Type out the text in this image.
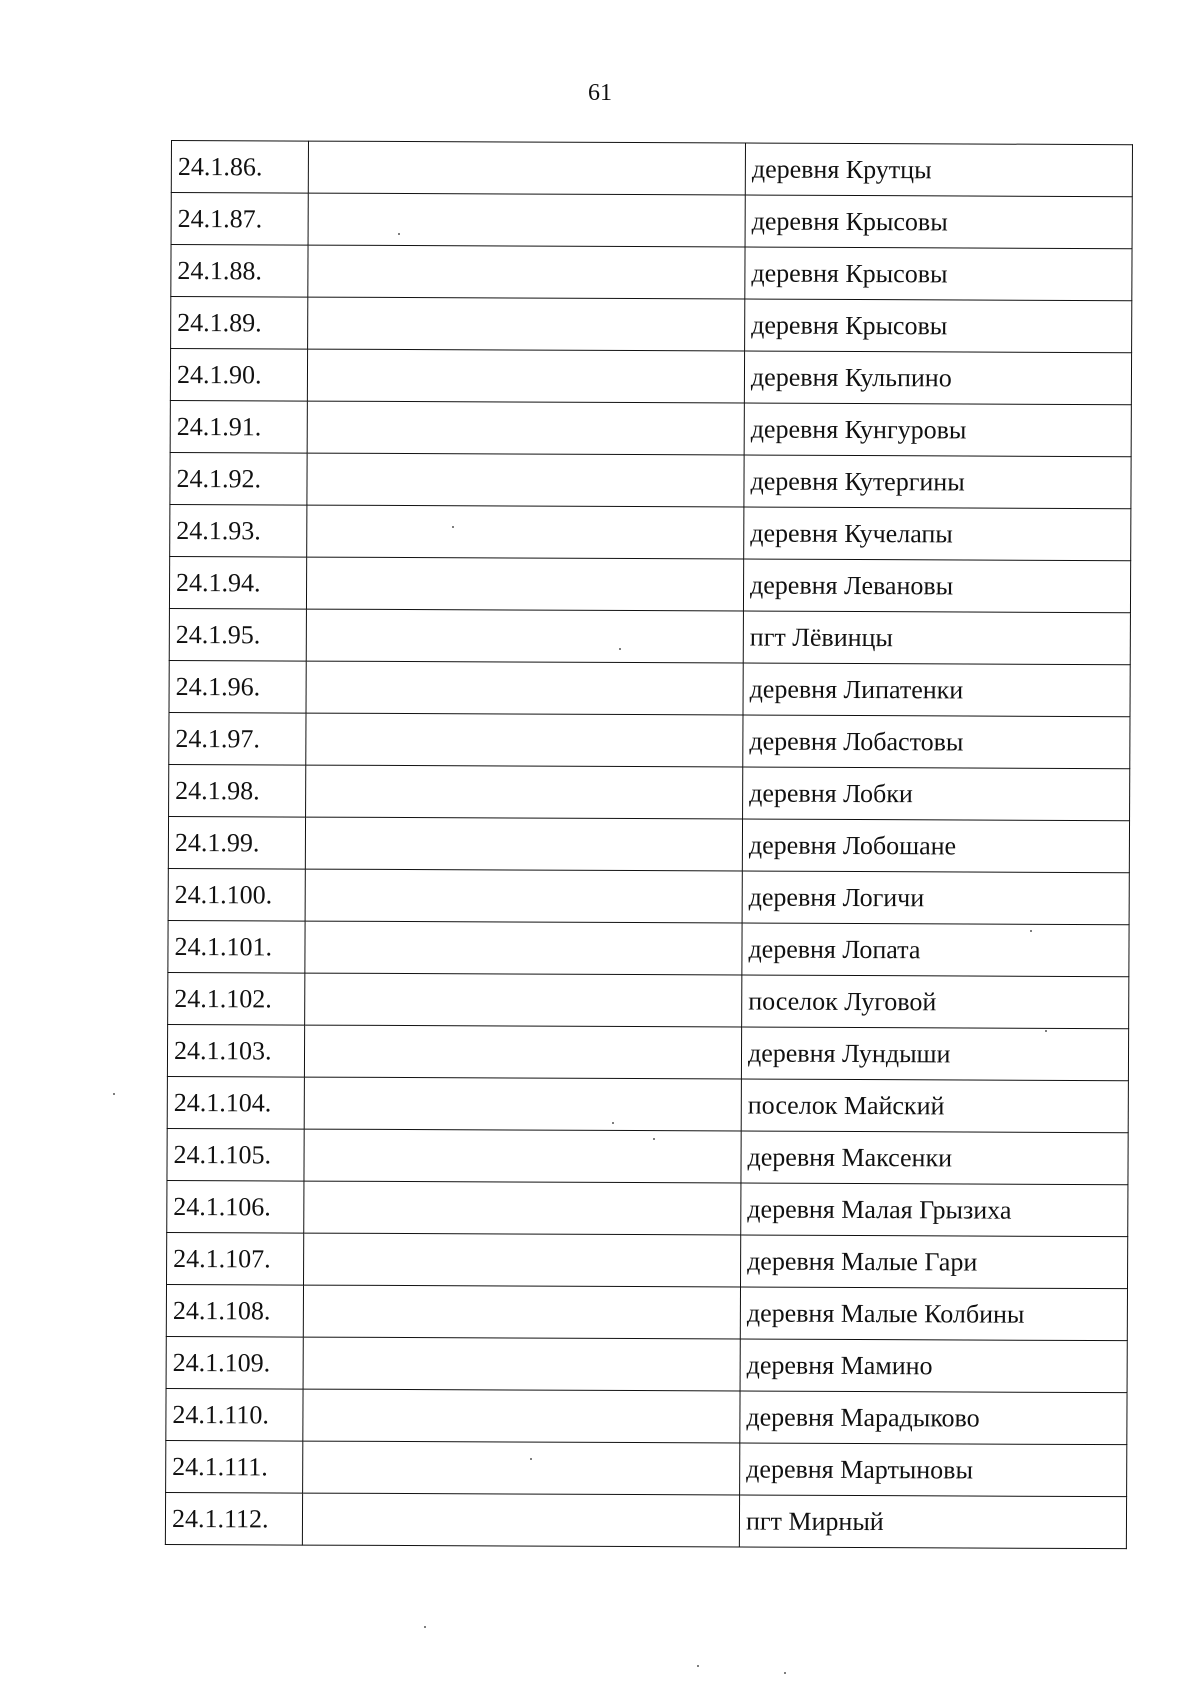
61
24.1.86.		деревня Крутцы
24.1.87.		деревня Крысовы
24.1.88.		деревня Крысовы
24.1.89.		деревня Крысовы
24.1.90.		деревня Кульпино
24.1.91.		деревня Кунгуровы
24.1.92.		деревня Кутергины
24.1.93.		деревня Кучелапы
24.1.94.		деревня Левановы
24.1.95.		пгт Лёвинцы
24.1.96.		деревня Липатенки
24.1.97.		деревня Лобастовы
24.1.98.		деревня Лобки
24.1.99.		деревня Лобошане
24.1.100.		деревня Логичи
24.1.101.		деревня Лопата
24.1.102.		поселок Луговой
24.1.103.		деревня Лундыши
24.1.104.		поселок Майский
24.1.105.		деревня Максенки
24.1.106.		деревня Малая Грызиха
24.1.107.		деревня Малые Гари
24.1.108.		деревня Малые Колбины
24.1.109.		деревня Мамино
24.1.110.		деревня Марадыково
24.1.111.		деревня Мартыновы
24.1.112.		пгт Мирный
